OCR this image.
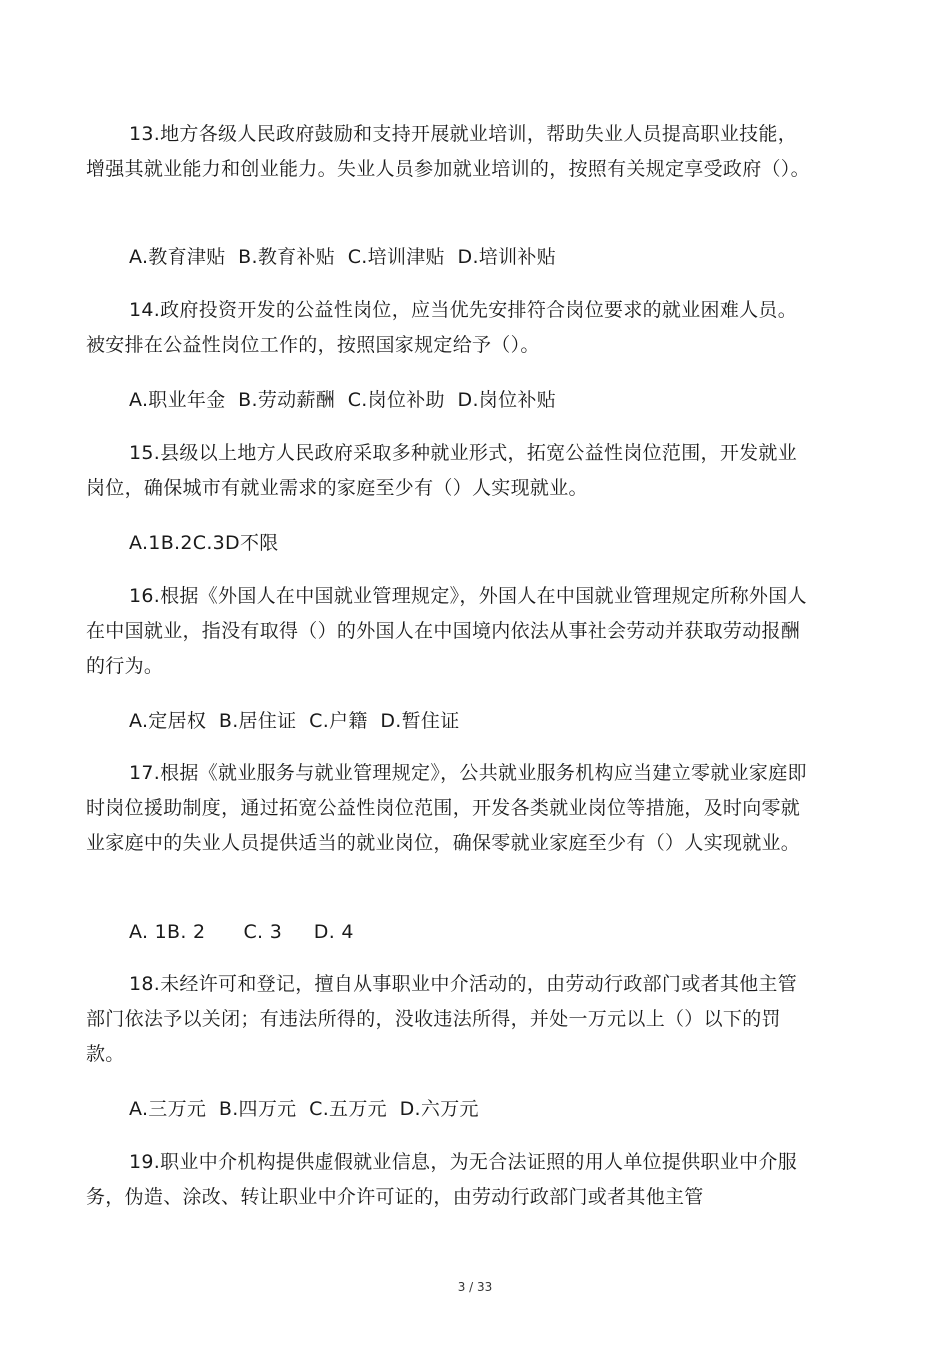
13.地方各级人民政府鼓励和支持开展就业培训，帮助失业人员提高职业技能，增强其就业能力和创业能力。失业人员参加就业培训的，按照有关规定享受政府（）。

A.教育津贴  B.教育补贴  C.培训津贴  D.培训补贴

14.政府投资开发的公益性岗位，应当优先安排符合岗位要求的就业困难人员。被安排在公益性岗位工作的，按照国家规定给予（）。

A.职业年金  B.劳动薪酬  C.岗位补助  D.岗位补贴

15.县级以上地方人民政府采取多种就业形式，拓宽公益性岗位范围，开发就业岗位，确保城市有就业需求的家庭至少有（）人实现就业。

A.1B.2C.3D不限

16.根据《外国人在中国就业管理规定》，外国人在中国就业管理规定所称外国人在中国就业，指没有取得（）的外国人在中国境内依法从事社会劳动并获取劳动报酬的行为。

A.定居权  B.居住证  C.户籍  D.暂住证

17.根据《就业服务与就业管理规定》，公共就业服务机构应当建立零就业家庭即时岗位援助制度，通过拓宽公益性岗位范围，开发各类就业岗位等措施，及时向零就业家庭中的失业人员提供适当的就业岗位，确保零就业家庭至少有（）人实现就业。

A. 1B. 2      C. 3     D. 4

18.未经许可和登记，擅自从事职业中介活动的，由劳动行政部门或者其他主管部门依法予以关闭；有违法所得的，没收违法所得，并处一万元以上（）以下的罚款。

A.三万元  B.四万元  C.五万元  D.六万元

19.职业中介机构提供虚假就业信息，为无合法证照的用人单位提供职业中介服务，伪造、涂改、转让职业中介许可证的，由劳动行政部门或者其他主管

3 / 33
